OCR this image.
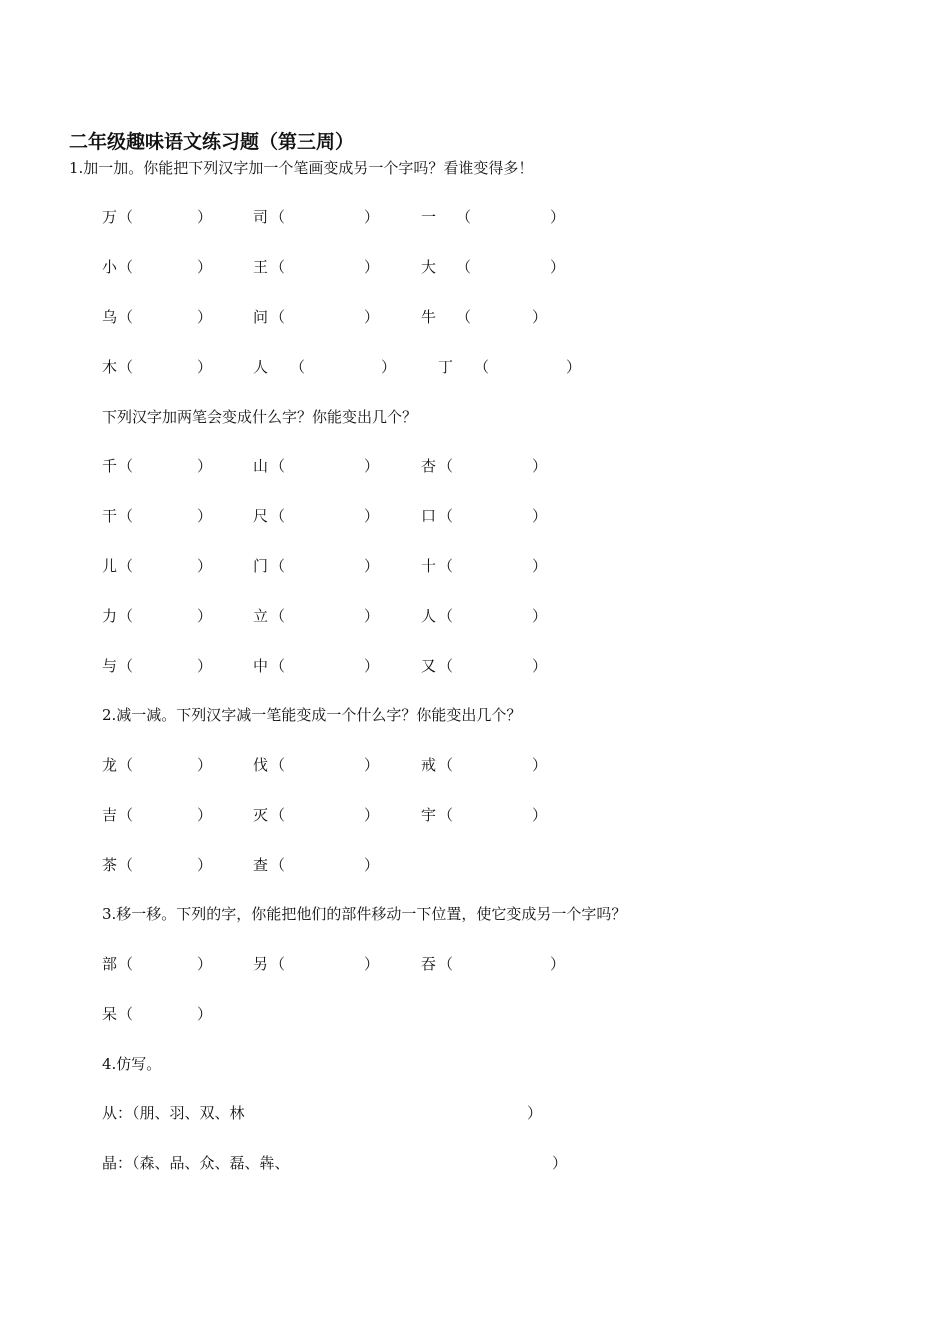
二年级趣味语文练习题（第三周）
1.加一加。你能把下列汉字加一个笔画变成另一个字吗？看谁变得多！
万 （	）	司 （	）	一 （	）
小 （	）	王 （	）	大 （	）
乌 （	）	问 （	）	牛 （	）
木 （	）	人 （	）	丁 （	）
下列汉字加两笔会变成什么字？你能变出几个？
千 （	）	山 （	）	杏 （	）
干 （	）	尺 （	）	口 （	）
儿 （	）	门 （	）	十 （	）
力 （	）	立 （	）	人 （	）
与 （	）	中 （	）	又 （	）
2.减一减。下列汉字减一笔能变成一个什么字？你能变出几个？
龙 （	）	伐 （	）	戒 （	）
吉 （	）	灭 （	）	宇 （	）
茶 （	）	查 （	）
3.移一移。下列的字，你能把他们的部件移动一下位置，使它变成另一个字吗？
部 （	）	另 （	）	吞 （	）
呆 （	）
4.仿写。
从：（朋、羽、双、林	）
晶：（森、品、众、磊、犇、	）
